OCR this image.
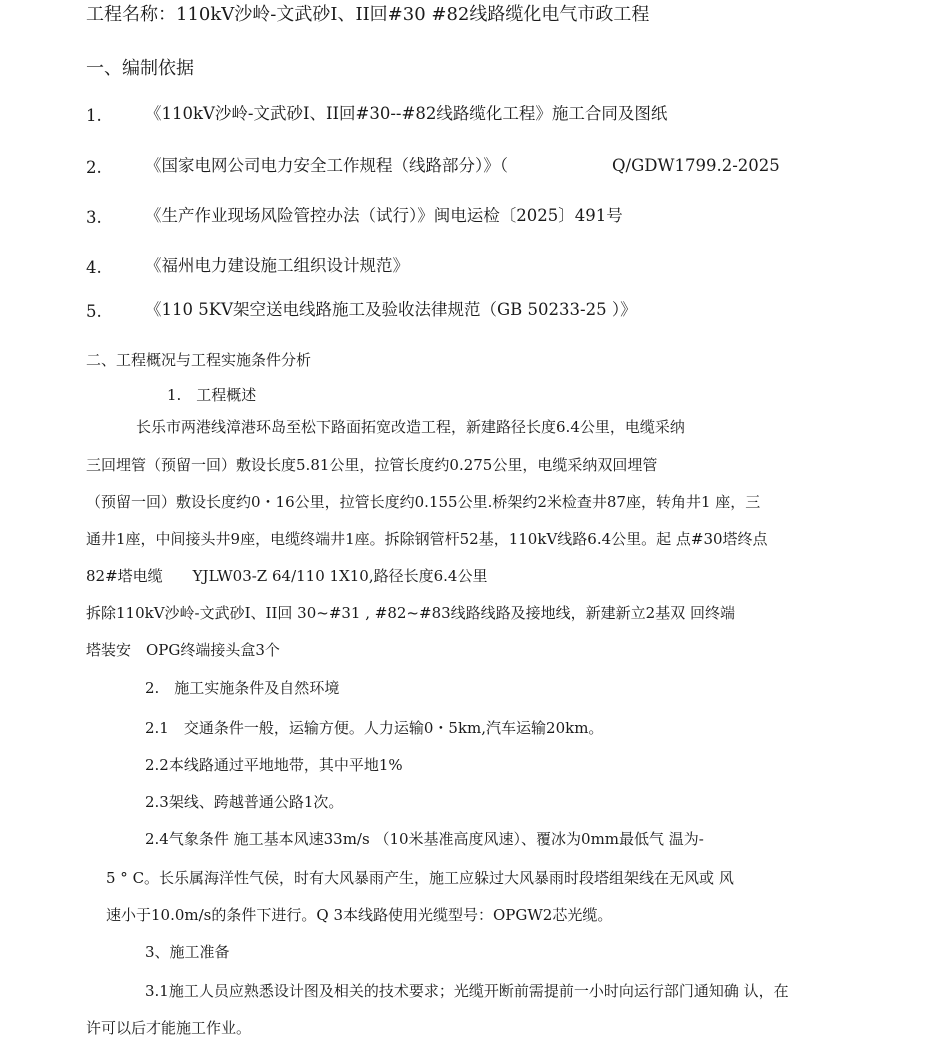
工程名称：110kV沙岭-文武砂Ⅰ、II回#30 #82线路缆化电气市政工程
一、编制依据
1.	《110kV沙岭-文武砂Ⅰ、II回#30--#82线路缆化工程》施工合同及图纸
2.	《国家电网公司电力安全工作规程（线路部分）》（	Q/GDW1799.2-2025
3.	《生产作业现场风险管控办法（试行）》闽电运检〔2025〕491号
4.	《福州电力建设施工组织设计规范》
5.	《110 5KV架空送电线路施工及验收法律规范（GB 50233-25 ）》
二、工程概况与工程实施条件分析
1.　工程概述
长乐市两港线漳港环岛至松下路面拓宽改造工程，新建路径长度6.4公里，电缆采纳
三回埋管（预留一回）敷设长度5.81公里，拉管长度约0.275公里，电缆采纳双回埋管
（预留一回）敷设长度约0・16公里，拉管长度约0.155公里.桥架约2米检查井87座，转角井1 座，三
通井1座，中间接头井9座，电缆终端井1座。拆除钢管杆52基，110kV线路6.4公里。起 点#30塔终点
82#塔电缆　　YJLW03-Z 64/110 1X10,路径长度6.4公里
拆除110kV沙岭-文武砂Ⅰ、II回 30~#31 , #82~#83线路线路及接地线，新建新立2基双 回终端
塔装安　OPG终端接头盒3个
2.　施工实施条件及自然环境
2.1　交通条件一般，运输方便。人力运输0・5km,汽车运输20km。
2.2本线路通过平地地带，其中平地1%
2.3架线、跨越普通公路1次。
2.4气象条件 施工基本风速33m/s （10米基准高度风速）、覆冰为0mm最低气 温为-
5 ° C。长乐属海洋性气侯，时有大风暴雨产生，施工应躲过大风暴雨时段塔组架线在无风或 风
速小于10.0m/s的条件下进行。Q 3本线路使用光缆型号：OPGW2芯光缆。
3、施工准备
3.1施工人员应熟悉设计图及相关的技术要求；光缆开断前需提前一小时向运行部门通知确 认，在
许可以后才能施工作业。
